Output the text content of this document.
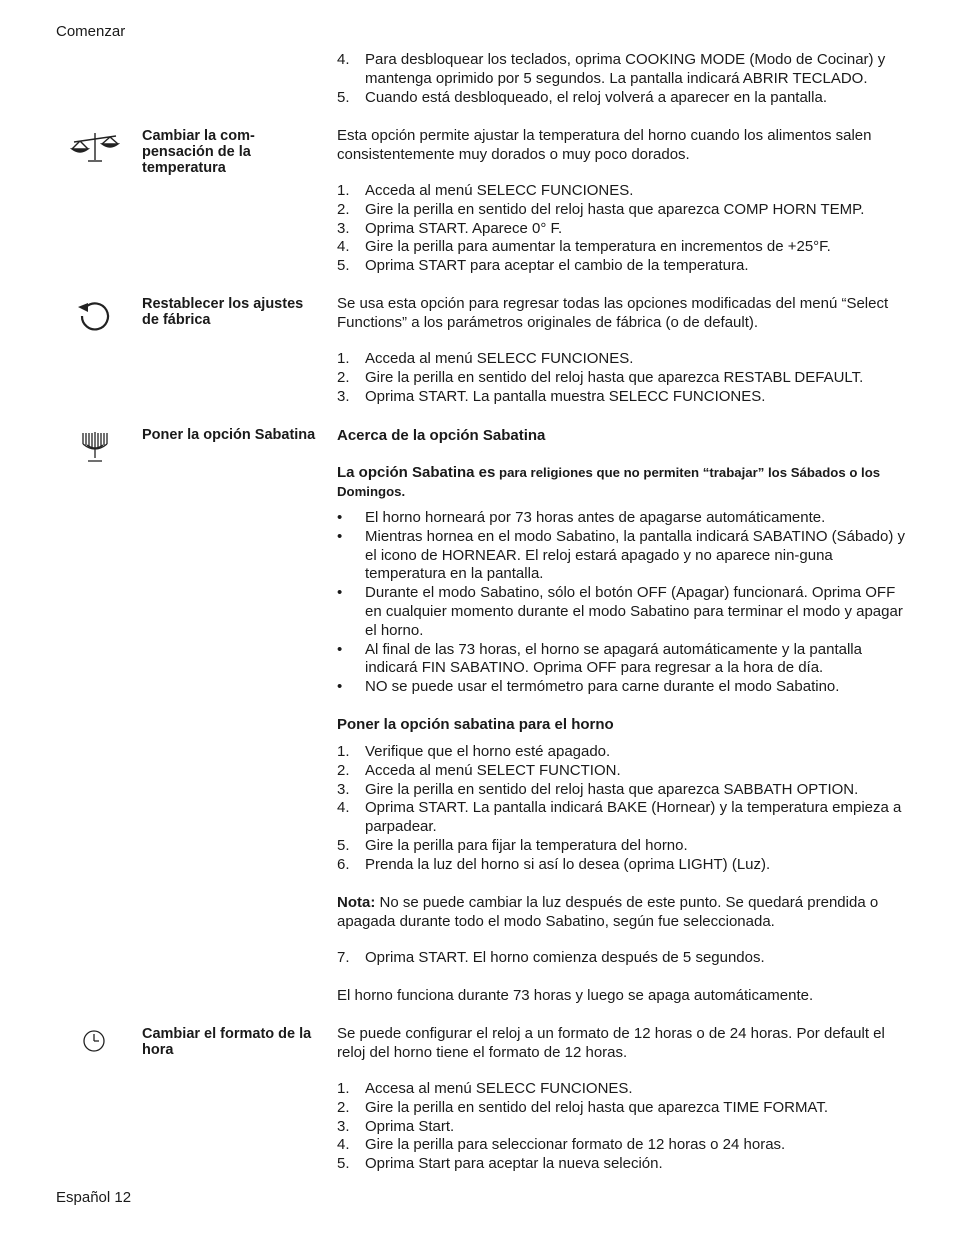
Comenzar
4. Para desbloquear los teclados, oprima COOKING MODE (Modo de Cocinar) y mantenga oprimido por 5 segundos. La pantalla indicará ABRIR TECLADO.
5. Cuando está desbloqueado, el reloj volverá a aparecer en la pantalla.
Cambiar la com- pensación de la temperatura
Esta opción permite ajustar la temperatura del horno cuando los alimentos salen consistentemente muy dorados o muy poco dorados.
1. Acceda al menú SELECC FUNCIONES.
2. Gire la perilla en sentido del reloj hasta que aparezca COMP HORN TEMP.
3. Oprima START. Aparece 0° F.
4. Gire la perilla para aumentar la temperatura en incrementos de +25°F.
5. Oprima START para aceptar el cambio de la temperatura.
Restablecer los ajustes de fábrica
Se usa esta opción para regresar todas las opciones modificadas del menú “Select Functions” a los parámetros originales de fábrica (o de default).
1. Acceda al menú SELECC FUNCIONES.
2. Gire la perilla en sentido del reloj hasta que aparezca RESTABL DEFAULT.
3. Oprima START. La pantalla muestra SELECC FUNCIONES.
Poner la opción Sabatina	Acerca de la opción Sabatina
La opción Sabatina es para religiones que no permiten “trabajar” los Sábados o los Domingos.
• El horno horneará por 73 horas antes de apagarse automáticamente.
• Mientras hornea en el modo Sabatino, la pantalla indicará SABATINO (Sábado) y el icono de HORNEAR. El reloj estará apagado y no aparece nin-guna temperatura en la pantalla.
• Durante el modo Sabatino, sólo el botón OFF (Apagar) funcionará. Oprima OFF en cualquier momento durante el modo Sabatino para terminar el modo y apagar el horno.
• Al final de las 73 horas, el horno se apagará automáticamente y la pantalla indicará FIN SABATINO. Oprima OFF para regresar a la hora de día.
• NO se puede usar el termómetro para carne durante el modo Sabatino.
Poner la opción sabatina para el horno
1. Verifique que el horno esté apagado.
2. Acceda al menú SELECT FUNCTION.
3. Gire la perilla en sentido del reloj hasta que aparezca SABBATH OPTION.
4. Oprima START. La pantalla indicará BAKE (Hornear) y la temperatura empieza a parpadear.
5. Gire la perilla para fijar la temperatura del horno.
6. Prenda la luz del horno si así lo desea (oprima LIGHT) (Luz).
Nota: No se puede cambiar la luz después de este punto. Se quedará prendida o apagada durante todo el modo Sabatino, según fue seleccionada.
7. Oprima START. El horno comienza después de 5 segundos.
El horno funciona durante 73 horas y luego se apaga automáticamente.
Cambiar el formato de la hora
Se puede configurar el reloj a un formato de 12 horas o de 24 horas. Por default el reloj del horno tiene el formato de 12 horas.
1. Accesa al menú SELECC FUNCIONES.
2. Gire la perilla en sentido del reloj hasta que aparezca TIME FORMAT.
3. Oprima Start.
4. Gire la perilla para seleccionar formato de 12 horas o 24 horas.
5. Oprima Start para aceptar la nueva seleción.
Español 12
